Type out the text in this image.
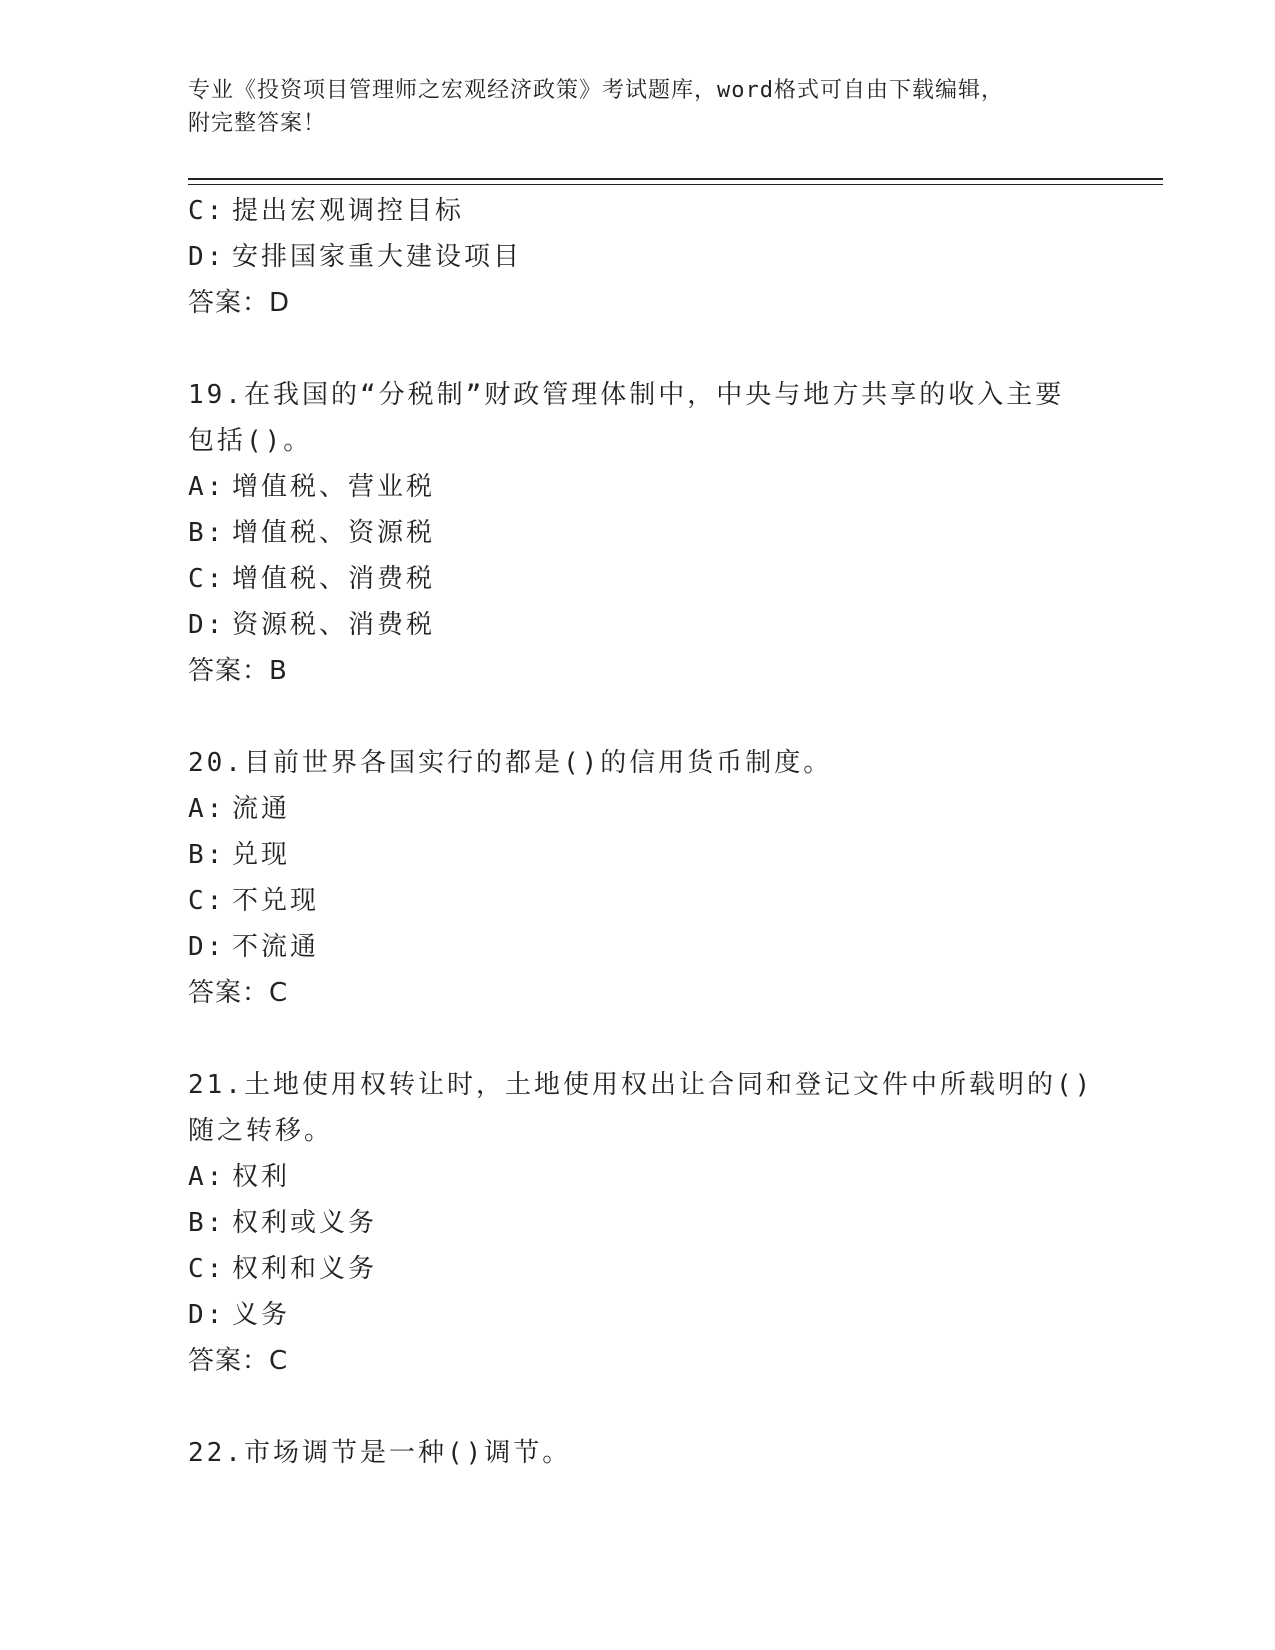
专业《投资项目管理师之宏观经济政策》考试题库，word格式可自由下载编辑，
附完整答案！
C: 提出宏观调控目标
D: 安排国家重大建设项目
答案：D
19.在我国的“分税制”财政管理体制中，中央与地方共享的收入主要
包括()。
A: 增值税、营业税
B: 增值税、资源税
C: 增值税、消费税
D: 资源税、消费税
答案：B
20.目前世界各国实行的都是()的信用货币制度。
A: 流通
B: 兑现
C: 不兑现
D: 不流通
答案：C
21.土地使用权转让时，土地使用权出让合同和登记文件中所载明的()
随之转移。
A: 权利
B: 权利或义务
C: 权利和义务
D: 义务
答案：C
22.市场调节是一种()调节。
